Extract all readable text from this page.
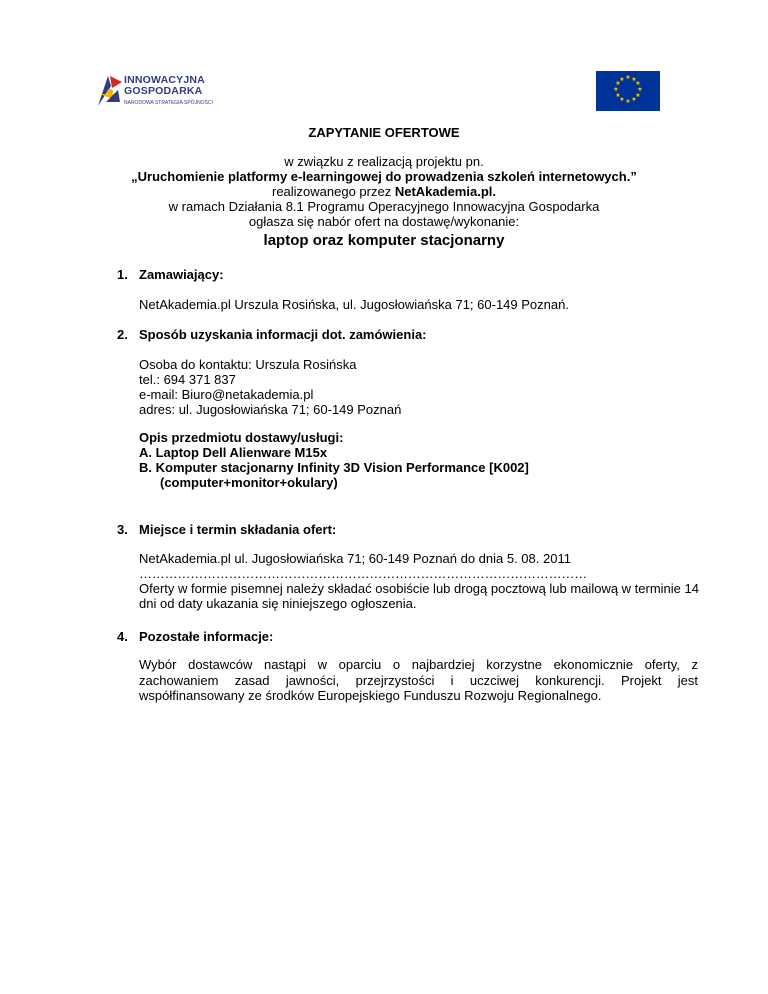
INNOWACYJNA
GOSPODARKA
NARODOWA STRATEGIA SPÓJNOŚCI
★ ★
★
★
★
★
★
★
★
★
★
★
ZAPYTANIE OFERTOWE
w związku z realizacją projektu pn.
„Uruchomienie platformy e-learningowej do prowadzenia szkoleń internetowych.”
realizowanego przez NetAkademia.pl.
w ramach Działania 8.1 Programu Operacyjnego Innowacyjna Gospodarka
ogłasza się nabór ofert na dostawę/wykonanie:
laptop oraz komputer stacjonarny
1. Zamawiający:
NetAkademia.pl Urszula Rosińska, ul. Jugosłowiańska 71; 60-149 Poznań.
2. Sposób uzyskania informacji dot. zamówienia:
Osoba do kontaktu: Urszula Rosińska
tel.: 694 371 837
e-mail: Biuro@netakademia.pl
adres: ul. Jugosłowiańska 71; 60-149 Poznań
Opis przedmiotu dostawy/usługi:
A. Laptop Dell Alienware M15x
B. Komputer stacjonarny Infinity 3D Vision Performance [K002]
(computer+monitor+okulary)
3. Miejsce i termin składania ofert:
NetAkademia.pl ul. Jugosłowiańska 71; 60-149 Poznań do dnia 5. 08. 2011
……………………………………………………………………………………………
Oferty w formie pisemnej należy składać osobiście lub drogą pocztową lub mailową w terminie 14
dni od daty ukazania się niniejszego ogłoszenia.
4. Pozostałe informacje:
Wybór dostawców nastąpi w oparciu o najbardziej korzystne ekonomicznie oferty, z
zachowaniem zasad jawności, przejrzystości i uczciwej konkurencji. Projekt jest
współfinansowany ze środków Europejskiego Funduszu Rozwoju Regionalnego.
